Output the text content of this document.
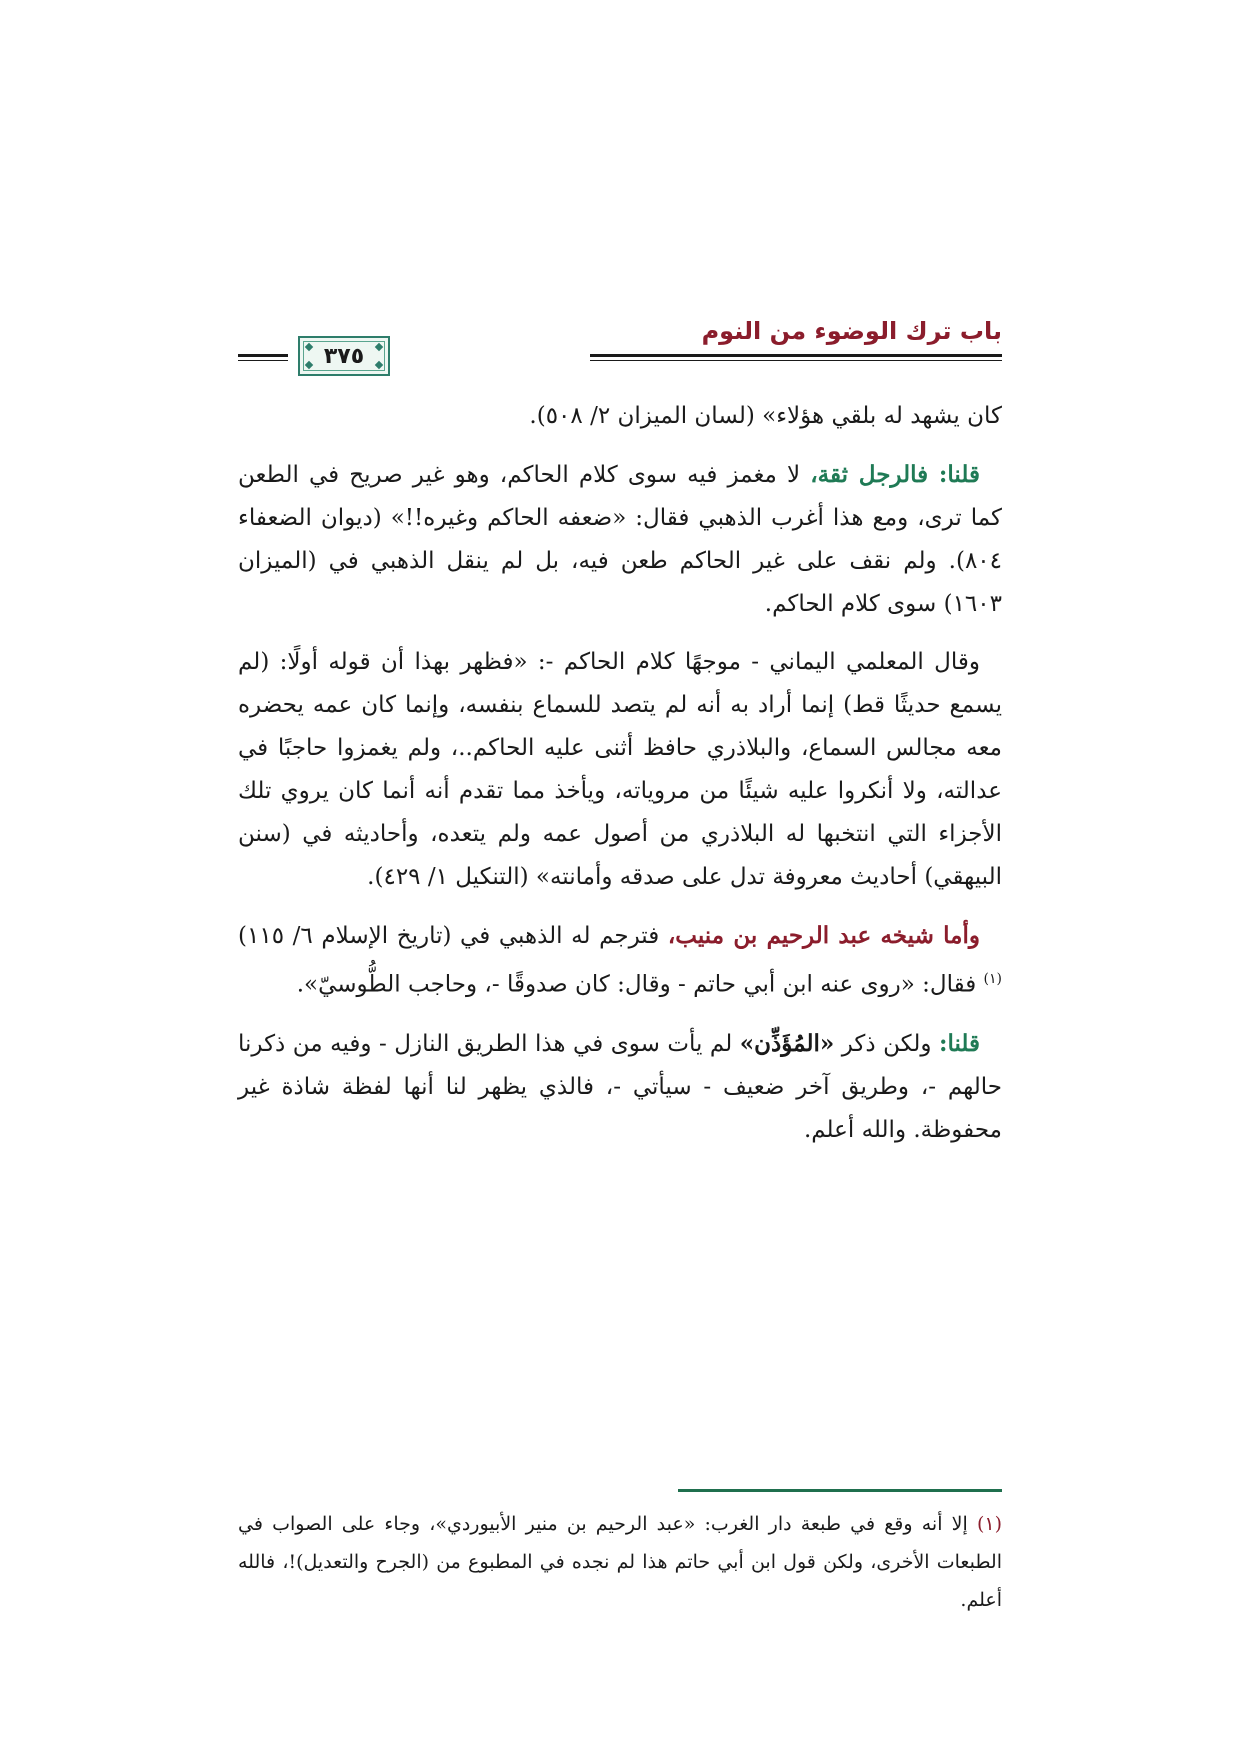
باب ترك الوضوء من النوم
٣٧٥

كان يشهد له بلقي هؤلاء» (لسان الميزان ٢/ ٥٠٨).

قلنا: فالرجل ثقة، لا مغمز فيه سوى كلام الحاكم، وهو غير صريح في الطعن كما ترى، ومع هذا أغرب الذهبي فقال: «ضعفه الحاكم وغيره!!» (ديوان الضعفاء ٨٠٤). ولم نقف على غير الحاكم طعن فيه، بل لم ينقل الذهبي في (الميزان ١٦٠٣) سوى كلام الحاكم.

وقال المعلمي اليماني - موجهًا كلام الحاكم -: «فظهر بهذا أن قوله أولًا: (لم يسمع حديثًا قط) إنما أراد به أنه لم يتصد للسماع بنفسه، وإنما كان عمه يحضره معه مجالس السماع، والبلاذري حافظ أثنى عليه الحاكم..، ولم يغمزوا حاجبًا في عدالته، ولا أنكروا عليه شيئًا من مروياته، ويأخذ مما تقدم أنه أنما كان يروي تلك الأجزاء التي انتخبها له البلاذري من أصول عمه ولم يتعده، وأحاديثه في (سنن البيهقي) أحاديث معروفة تدل على صدقه وأمانته» (التنكيل ١/ ٤٢٩).

وأما شيخه عبد الرحيم بن منيب، فترجم له الذهبي في (تاريخ الإسلام ٦/ ١١٥)$^{(١)}$ فقال: «روى عنه ابن أبي حاتم - وقال: كان صدوقًا -، وحاجب الطُّوسيّ».

قلنا: ولكن ذكر «المُؤَذِّن» لم يأت سوى في هذا الطريق النازل - وفيه من ذكرنا حالهم -، وطريق آخر ضعيف - سيأتي -، فالذي يظهر لنا أنها لفظة شاذة غير محفوظة. والله أعلم.

(١) إلا أنه وقع في طبعة دار الغرب: «عبد الرحيم بن منير الأبيوردي»، وجاء على الصواب في الطبعات الأخرى، ولكن قول ابن أبي حاتم هذا لم نجده في المطبوع من (الجرح والتعديل)!، فالله أعلم.
